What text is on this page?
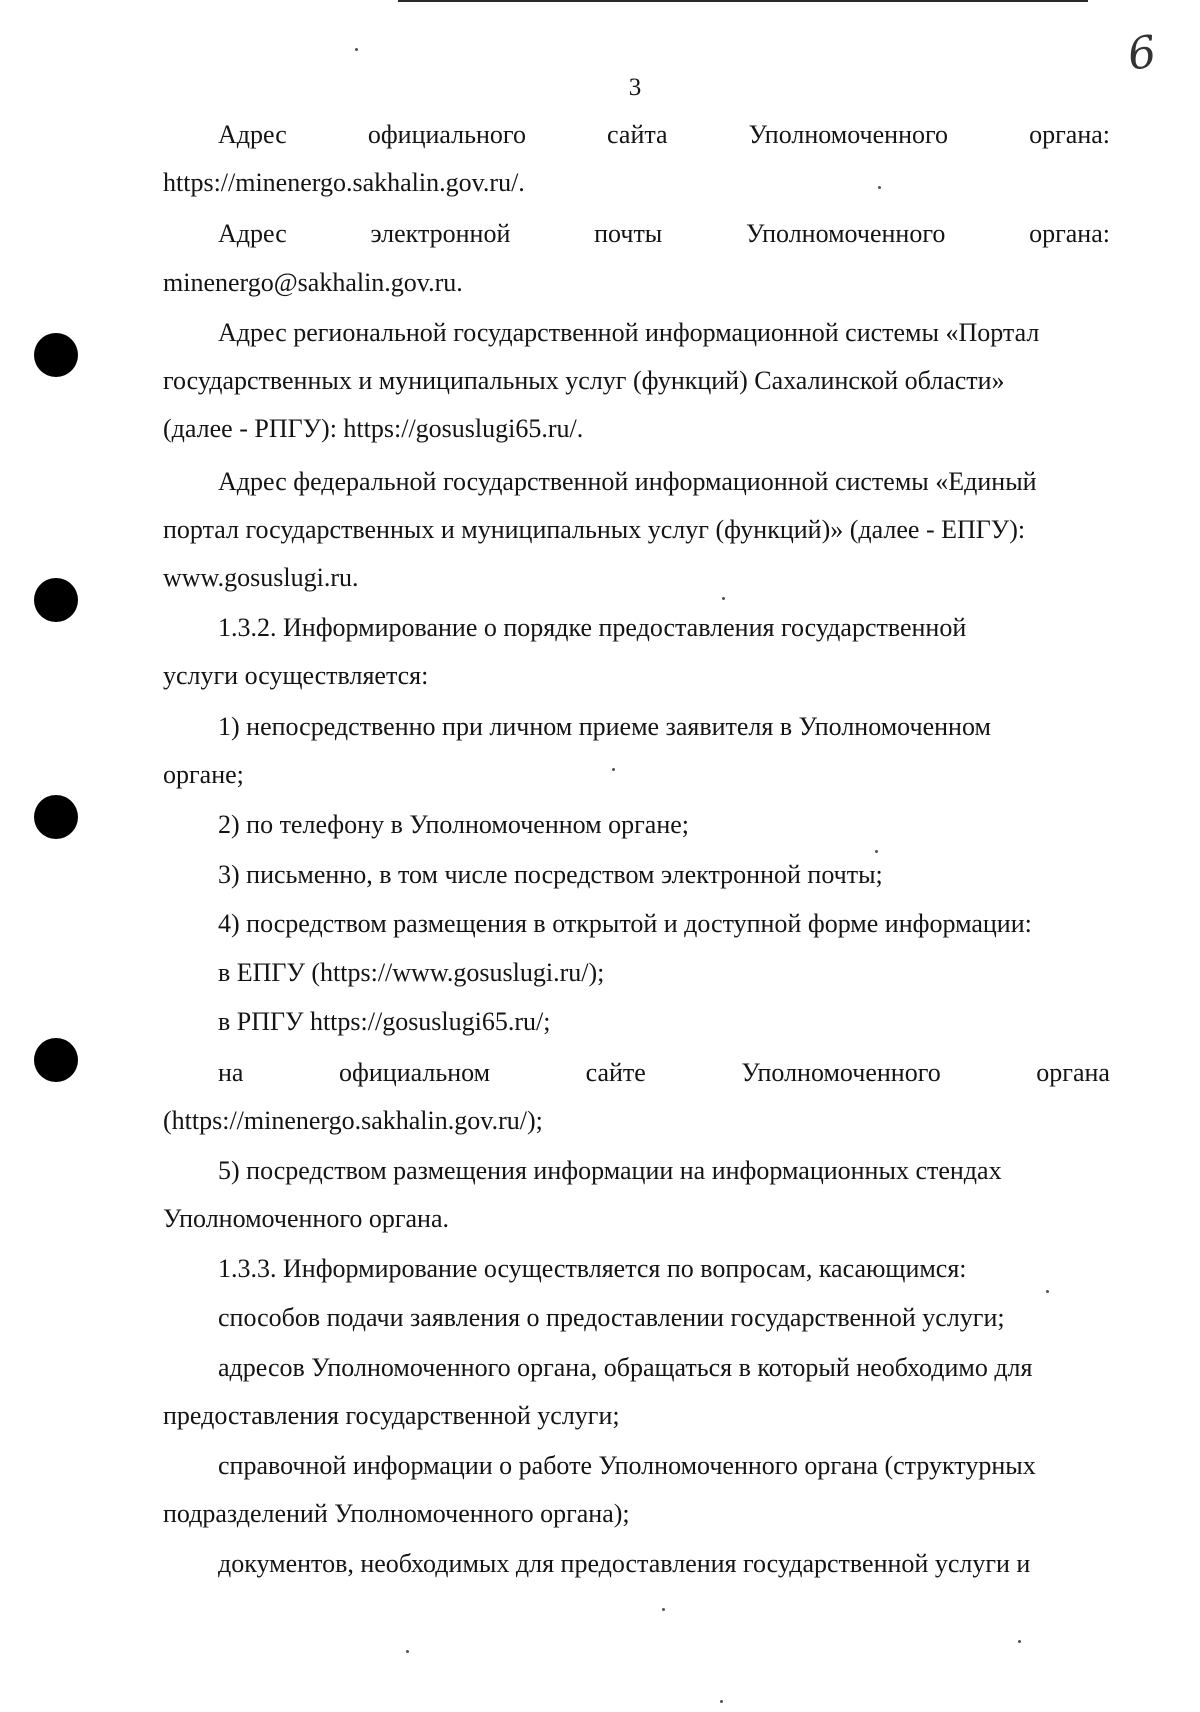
6
3
Адрес	официального	сайта	Уполномоченного	органа:
https://minenergo.sakhalin.gov.ru/.
Адрес	электронной	почты	Уполномоченного	органа:
minenergo@sakhalin.gov.ru.
Адрес региональной государственной информационной системы «Портал
государственных и муниципальных услуг (функций) Сахалинской области»
(далее - РПГУ): https://gosuslugi65.ru/.
Адрес федеральной государственной информационной системы «Единый
портал государственных и муниципальных услуг (функций)» (далее - ЕПГУ):
www.gosuslugi.ru.
1.3.2. Информирование о порядке предоставления государственной
услуги осуществляется:
1) непосредственно при личном приеме заявителя в Уполномоченном
органе;
2) по телефону в Уполномоченном органе;
3) письменно, в том числе посредством электронной почты;
4) посредством размещения в открытой и доступной форме информации:
в ЕПГУ (https://www.gosuslugi.ru/);
в РПГУ https://gosuslugi65.ru/;
на	официальном	сайте	Уполномоченного	органа
(https://minenergo.sakhalin.gov.ru/);
5) посредством размещения информации на информационных стендах
Уполномоченного органа.
1.3.3. Информирование осуществляется по вопросам, касающимся:
способов подачи заявления о предоставлении государственной услуги;
адресов Уполномоченного органа, обращаться в который необходимо для
предоставления государственной услуги;
справочной информации о работе Уполномоченного органа (структурных
подразделений Уполномоченного органа);
документов, необходимых для предоставления государственной услуги и
